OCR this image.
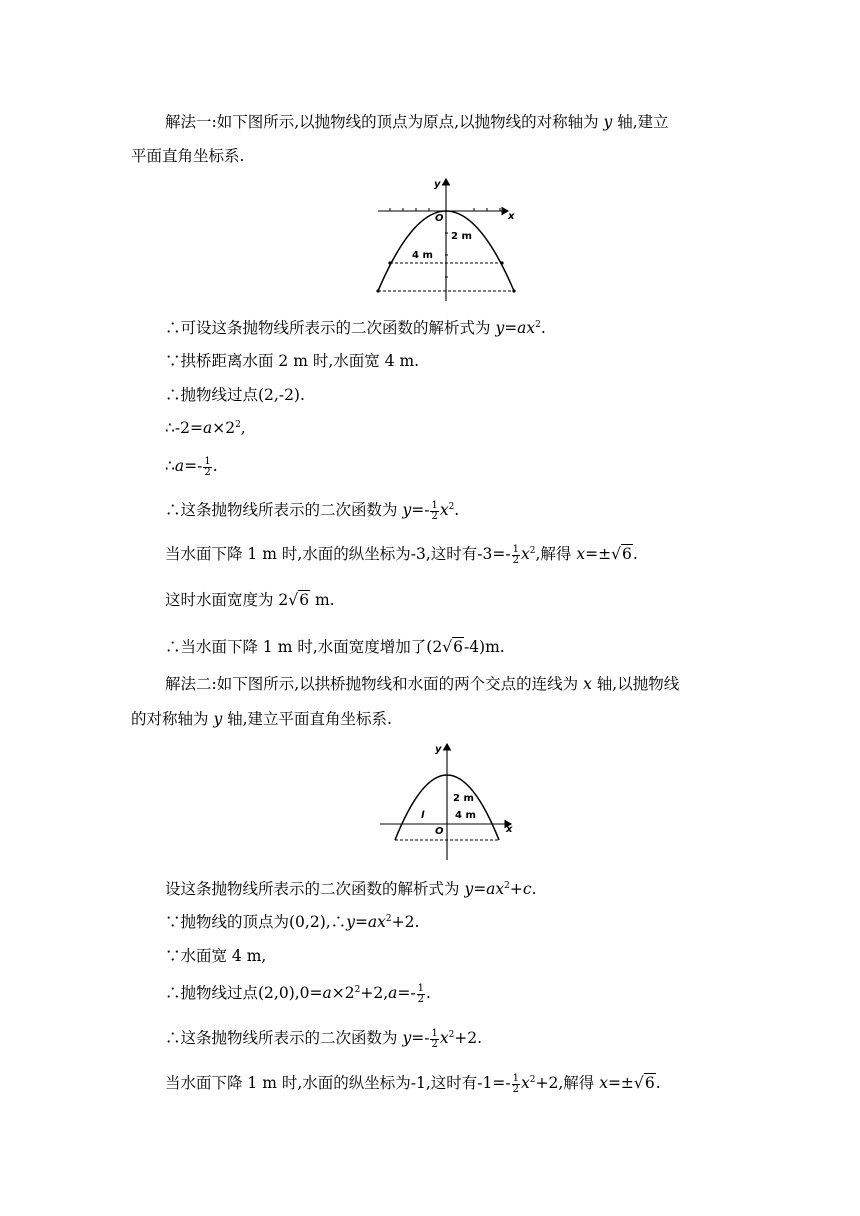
解法一:如下图所示,以抛物线的顶点为原点,以抛物线的对称轴为 y 轴,建立
平面直角坐标系.
y
x
O
2 m
4 m
∴可设这条抛物线所表示的二次函数的解析式为 $y=ax^2$.
∵拱桥距离水面 2 m 时,水面宽 4 m.
∴抛物线过点(2,-2).
$\therefore-2=a\times 2^2$,
∴a=- $\frac{1}{2}$ .
∴这条抛物线所表示的二次函数为 $y=- \frac{1}{2} x^2$.
当水面下降 1 m 时,水面的纵坐标为-3,这时有$-3=- \frac{1}{2} x^2$,解得 x=±√6.
这时水面宽度为 2√6 m.
∴当水面下降 1 m 时,水面宽度增加了(2√6-4)m.
解法二:如下图所示,以拱桥抛物线和水面的两个交点的连线为 x 轴,以抛物线
的对称轴为 y 轴,建立平面直角坐标系.
y
x
O
l
2 m
4 m
设这条抛物线所表示的二次函数的解析式为 $y=ax^2+c$.
∵抛物线的顶点为$(0,2),\therefore y=ax^2+2$.
∵水面宽 4 m,
∴抛物线过点$(2,0),0=a\times 2^2+2,a=- \frac{1}{2}$ .
∴这条抛物线所表示的二次函数为 $y=- \frac{1}{2} x^2+2$.
当水面下降 1 m 时,水面的纵坐标为-1,这时有$-1=- \frac{1}{2} x^2+2$,解得 x=±√6.
